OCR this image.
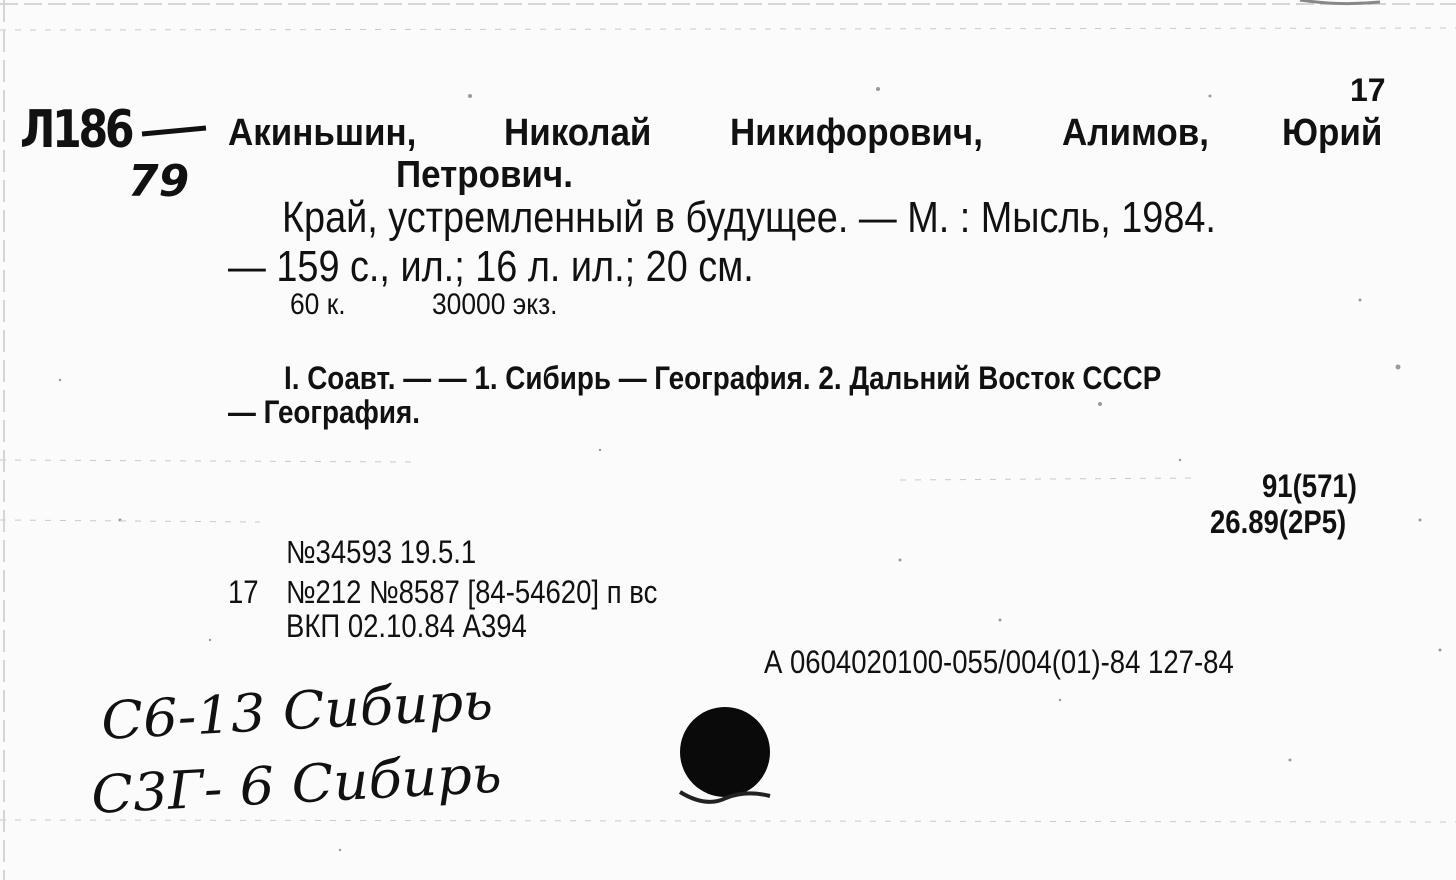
Л186
79
17
Акиньшин, Николай Никифорович, Алимов, Юрий
Петрович.
Край, устремленный в будущее. — М. : Мысль, 1984.
— 159 с., ил.; 16 л. ил.; 20 см.
60 к.	30000 экз.
I. Соавт. — — 1. Сибирь — География. 2. Дальний Восток СССР
— География.
91(571)
26.89(2Р5)
№34593 19.5.1
17 №212 №8587 [84-54620] п вс
ВКП 02.10.84 А394
А 0604020100-055/004(01)-84 127-84
С6-13 Сибирь
С3Г- 6 Сибирь
